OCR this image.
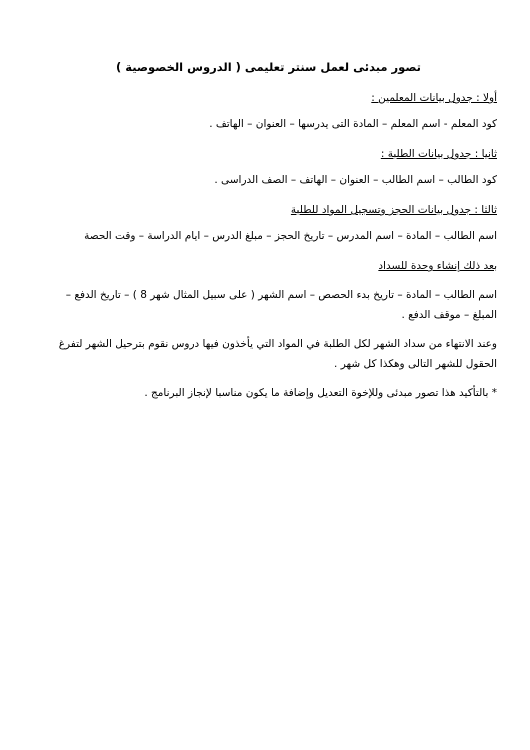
تصور مبدئى لعمل سنتر تعليمى ( الدروس الخصوصية )
أولا : جدول بيانات المعلمين :
كود المعلم - اسم المعلم – المادة التى يدرسها – العنوان – الهاتف .
ثانيا : جدول بيانات الطلبة :
كود الطالب – اسم الطالب – العنوان – الهاتف – الصف الدراسى .
ثالثا : جدول بيانات الحجز وتسجيل المواد للطلبة
اسم الطالب – المادة – اسم المدرس – تاريخ الحجز – مبلغ الدرس – ايام الدراسة – وقت الحصة
بعد ذلك إنشاء وحدة للسداد
اسم الطالب – المادة – تاريخ بدء الحصص – اسم الشهر ( على سبيل المثال شهر 8 ) – تاريخ الدفع – المبلغ – موقف الدفع .
وعند الانتهاء من سداد الشهر لكل الطلبة في المواد التي يأخذون فيها دروس نقوم بترحيل الشهر لتفرغ الحقول للشهر التالى وهكذا كل شهر .
* بالتأكيد هذا تصور مبدئى وللإخوة التعديل وإضافة ما يكون مناسبا لإنجاز البرنامج .
